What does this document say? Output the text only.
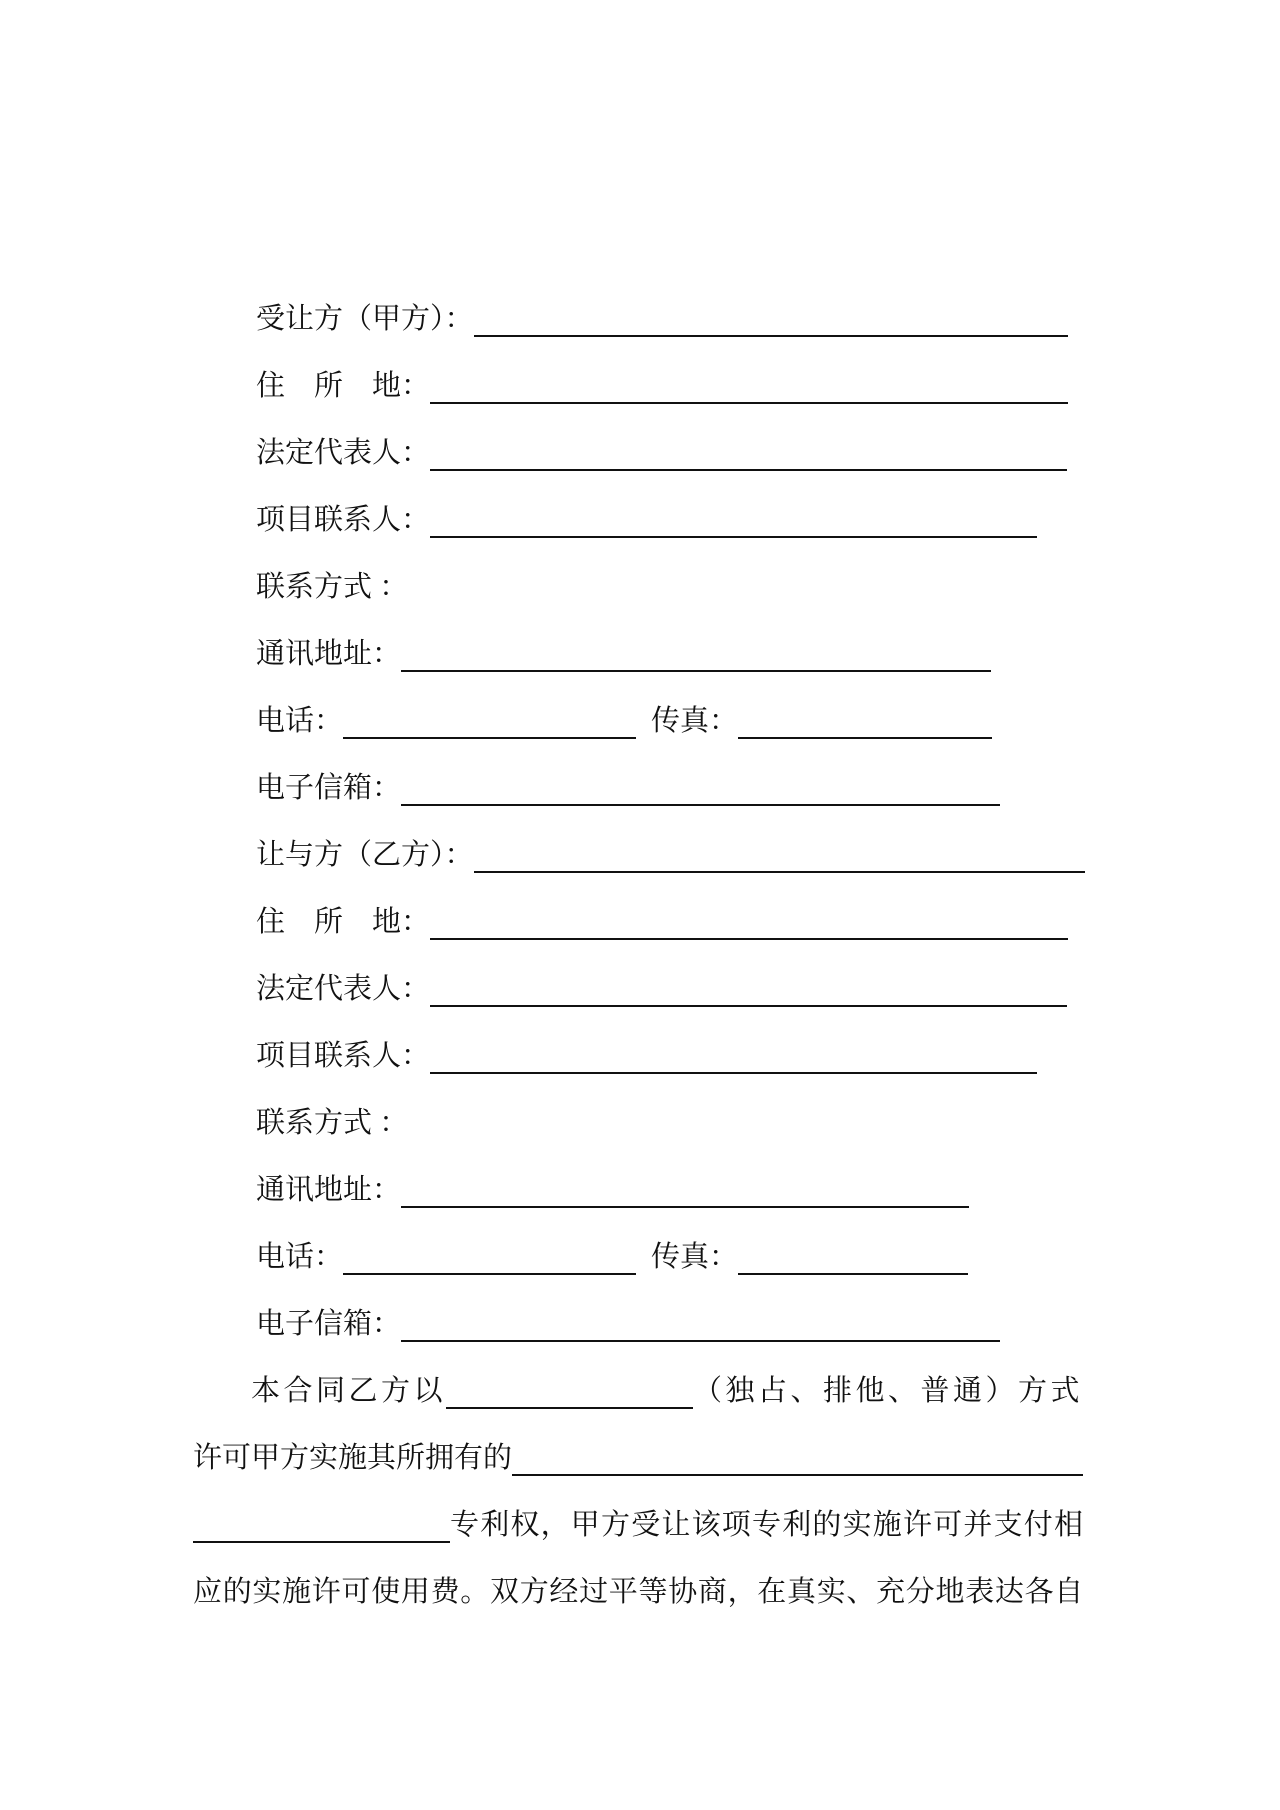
受让方（甲方）：
住　所　地：
法定代表人：
项目联系人：
联系方式 ：
通讯地址：
电话：	传真：
电子信箱：
让与方（乙方）：
住　所　地：
法定代表人：
项目联系人：
联系方式 ：
通讯地址：
电话：	传真：
电子信箱：
本合同乙方以	（独占、排他、普通）方式
许可甲方实施其所拥有的
专利权，甲方受让该项专利的实施许可并支付相
应的实施许可使用费。双方经过平等协商，在真实、充分地表达各自
